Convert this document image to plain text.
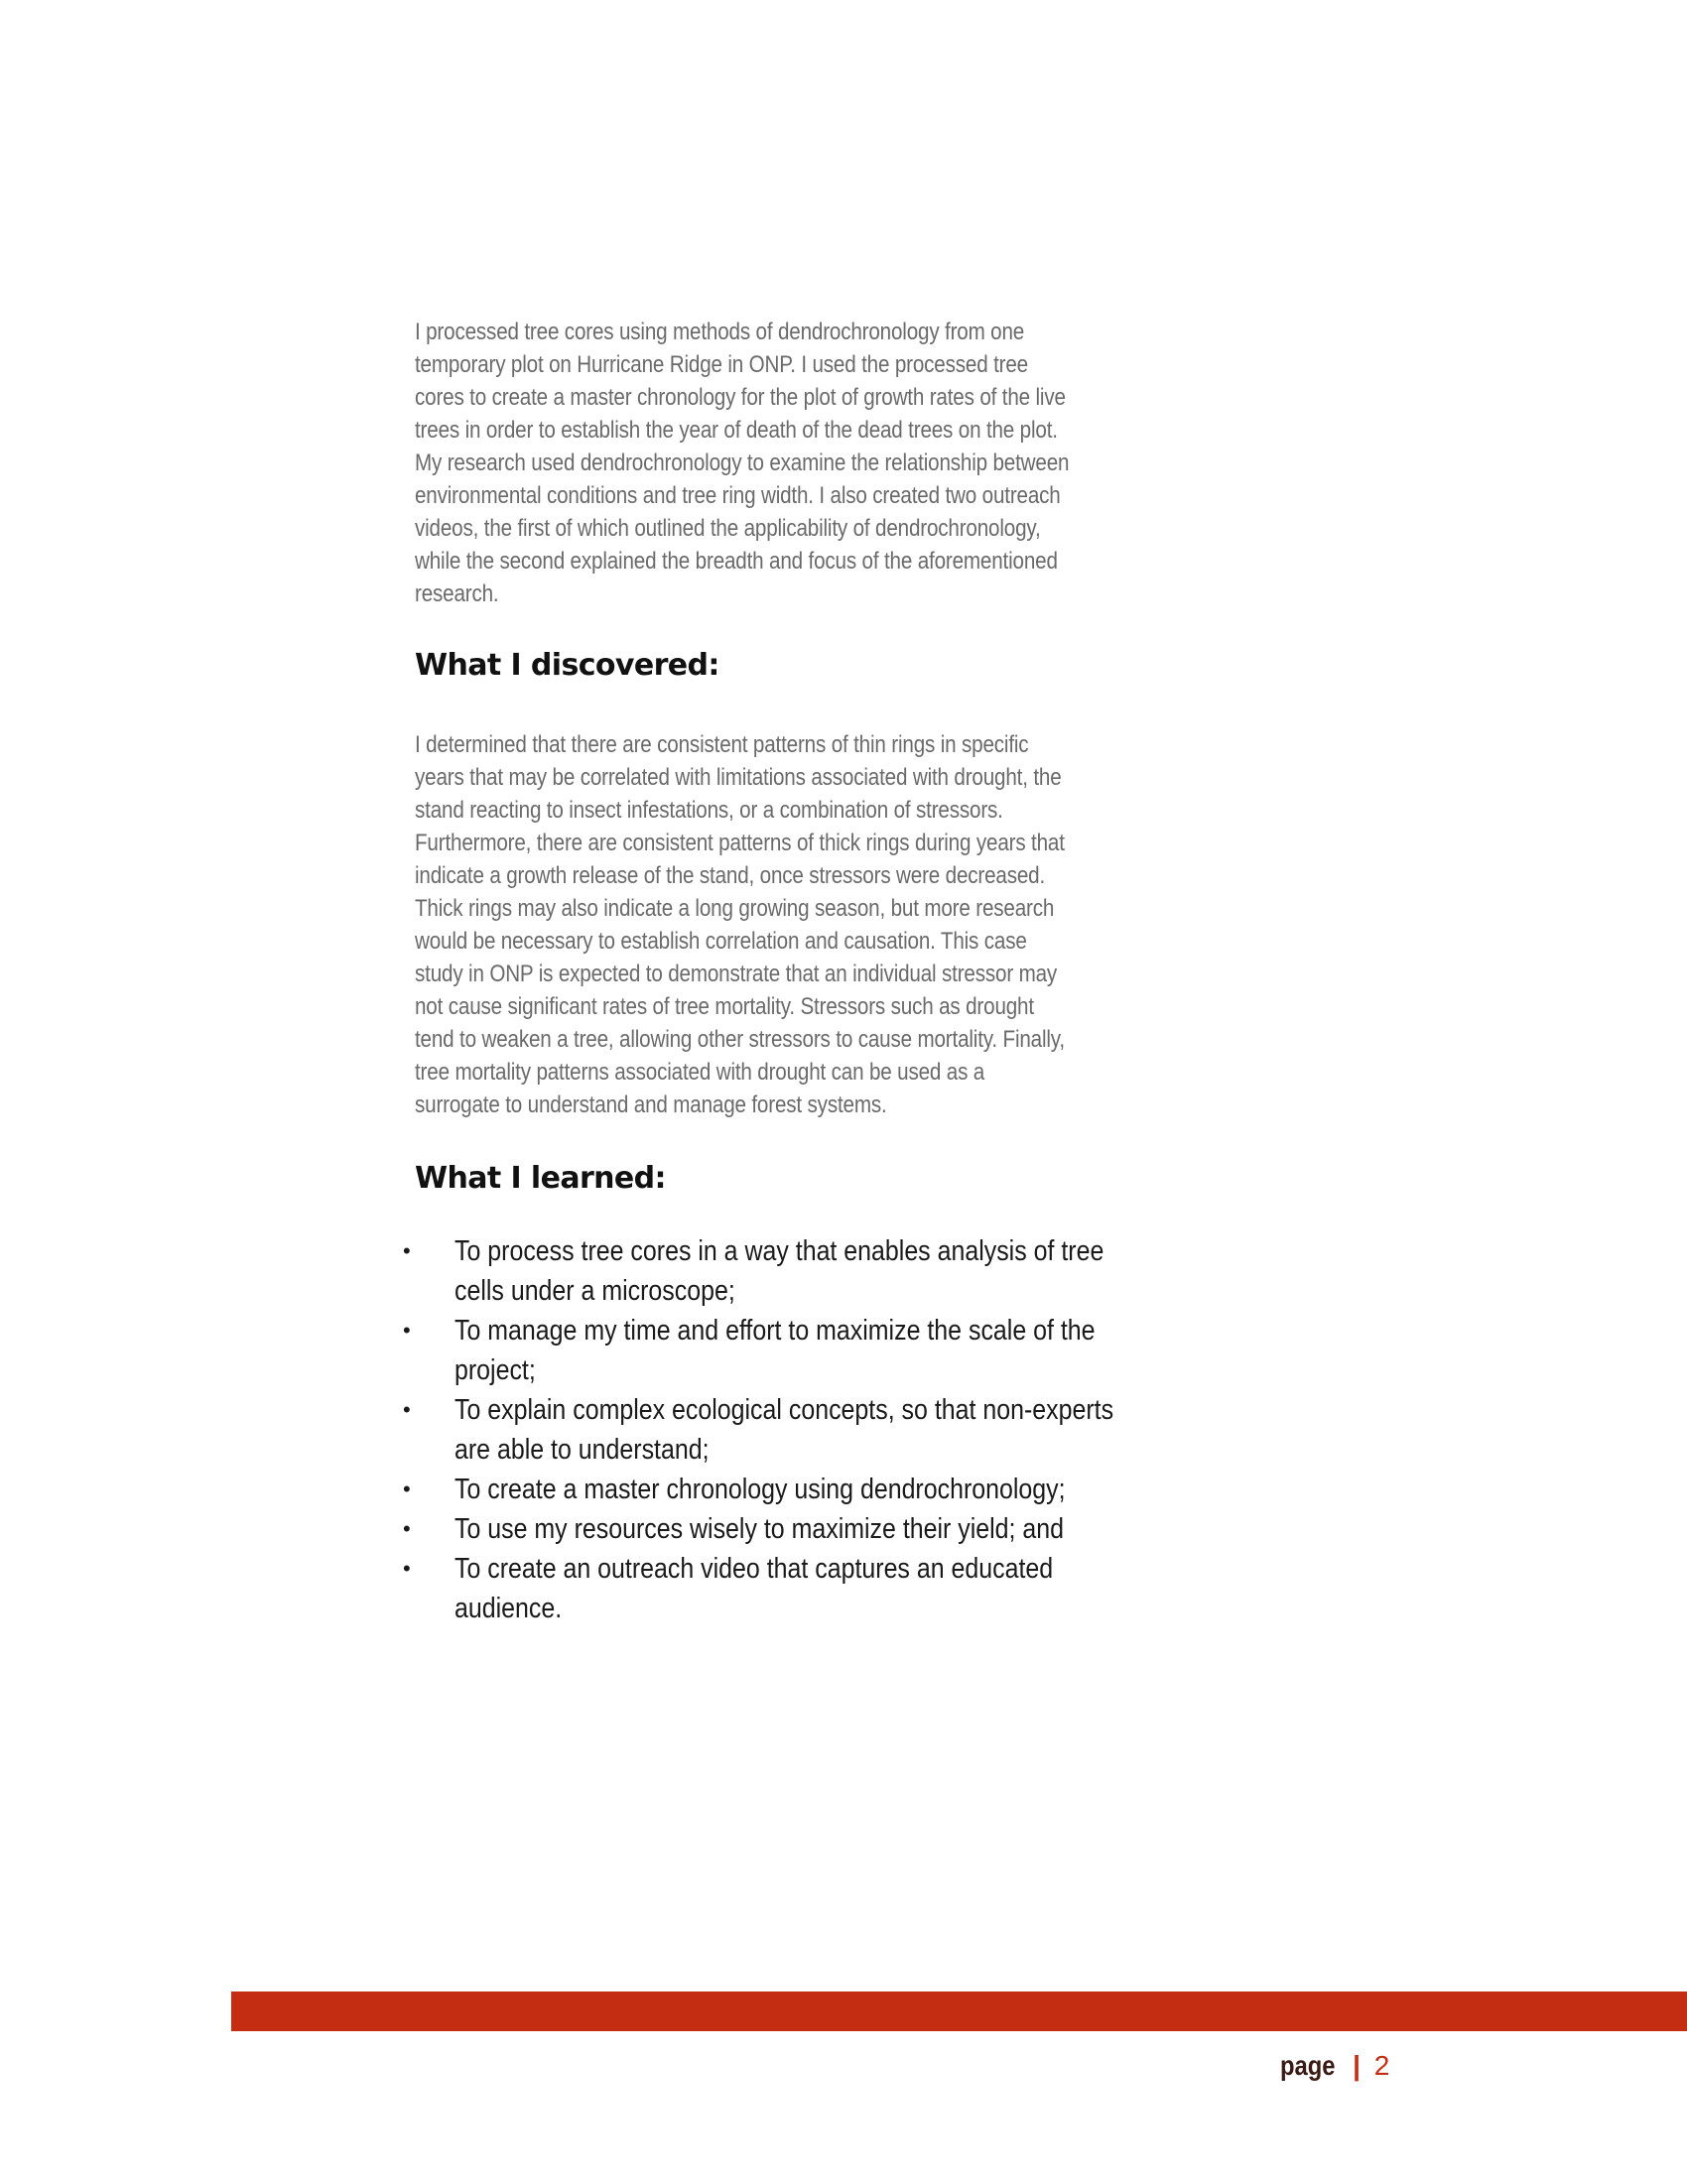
I processed tree cores using methods of dendrochronology from one temporary plot on Hurricane Ridge in ONP. I used the processed tree cores to create a master chronology for the plot of growth rates of the live trees in order to establish the year of death of the dead trees on the plot. My research used dendrochronology to examine the relationship between environmental conditions and tree ring width. I also created two outreach videos, the first of which outlined the applicability of dendrochronology, while the second explained the breadth and focus of the aforementioned research.

What I discovered:

I determined that there are consistent patterns of thin rings in specific years that may be correlated with limitations associated with drought, the stand reacting to insect infestations, or a combination of stressors. Furthermore, there are consistent patterns of thick rings during years that indicate a growth release of the stand, once stressors were decreased. Thick rings may also indicate a long growing season, but more research would be necessary to establish correlation and causation. This case study in ONP is expected to demonstrate that an individual stressor may not cause significant rates of tree mortality. Stressors such as drought tend to weaken a tree, allowing other stressors to cause mortality. Finally, tree mortality patterns associated with drought can be used as a surrogate to understand and manage forest systems.

What I learned:
• To process tree cores in a way that enables analysis of tree cells under a microscope;
• To manage my time and effort to maximize the scale of the project;
• To explain complex ecological concepts, so that non-experts are able to understand;
• To create a master chronology using dendrochronology;
• To use my resources wisely to maximize their yield; and
• To create an outreach video that captures an educated audience.
page | 2
